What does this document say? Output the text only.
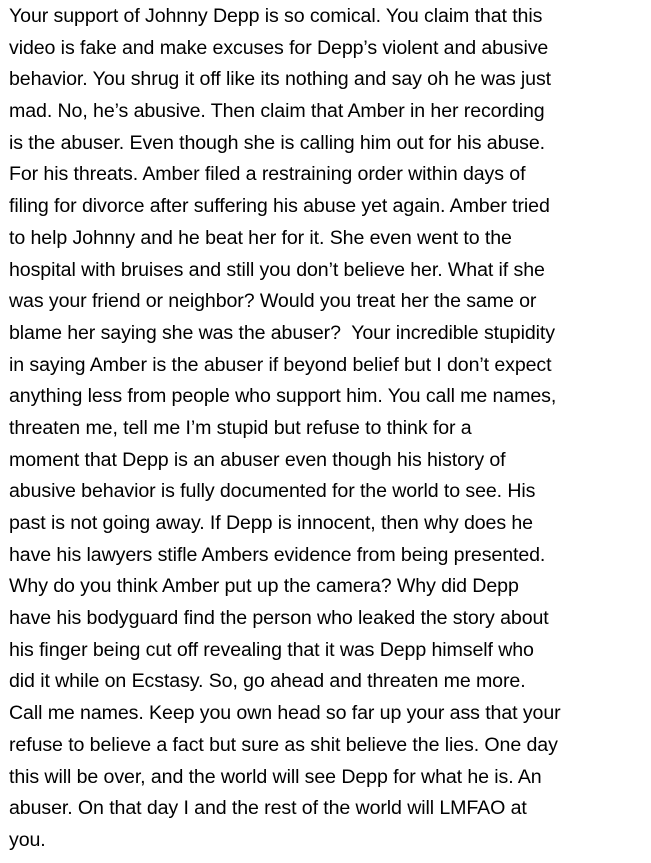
Your support of Johnny Depp is so comical. You claim that this
video is fake and make excuses for Depp’s violent and abusive
behavior. You shrug it off like its nothing and say oh he was just
mad. No, he’s abusive. Then claim that Amber in her recording
is the abuser. Even though she is calling him out for his abuse.
For his threats. Amber filed a restraining order within days of
filing for divorce after suffering his abuse yet again. Amber tried
to help Johnny and he beat her for it. She even went to the
hospital with bruises and still you don’t believe her. What if she
was your friend or neighbor? Would you treat her the same or
blame her saying she was the abuser?  Your incredible stupidity
in saying Amber is the abuser if beyond belief but I don’t expect
anything less from people who support him. You call me names,
threaten me, tell me I’m stupid but refuse to think for a
moment that Depp is an abuser even though his history of
abusive behavior is fully documented for the world to see. His
past is not going away. If Depp is innocent, then why does he
have his lawyers stifle Ambers evidence from being presented.
Why do you think Amber put up the camera? Why did Depp
have his bodyguard find the person who leaked the story about
his finger being cut off revealing that it was Depp himself who
did it while on Ecstasy. So, go ahead and threaten me more.
Call me names. Keep you own head so far up your ass that your
refuse to believe a fact but sure as shit believe the lies. One day
this will be over, and the world will see Depp for what he is. An
abuser. On that day I and the rest of the world will LMFAO at
you.
